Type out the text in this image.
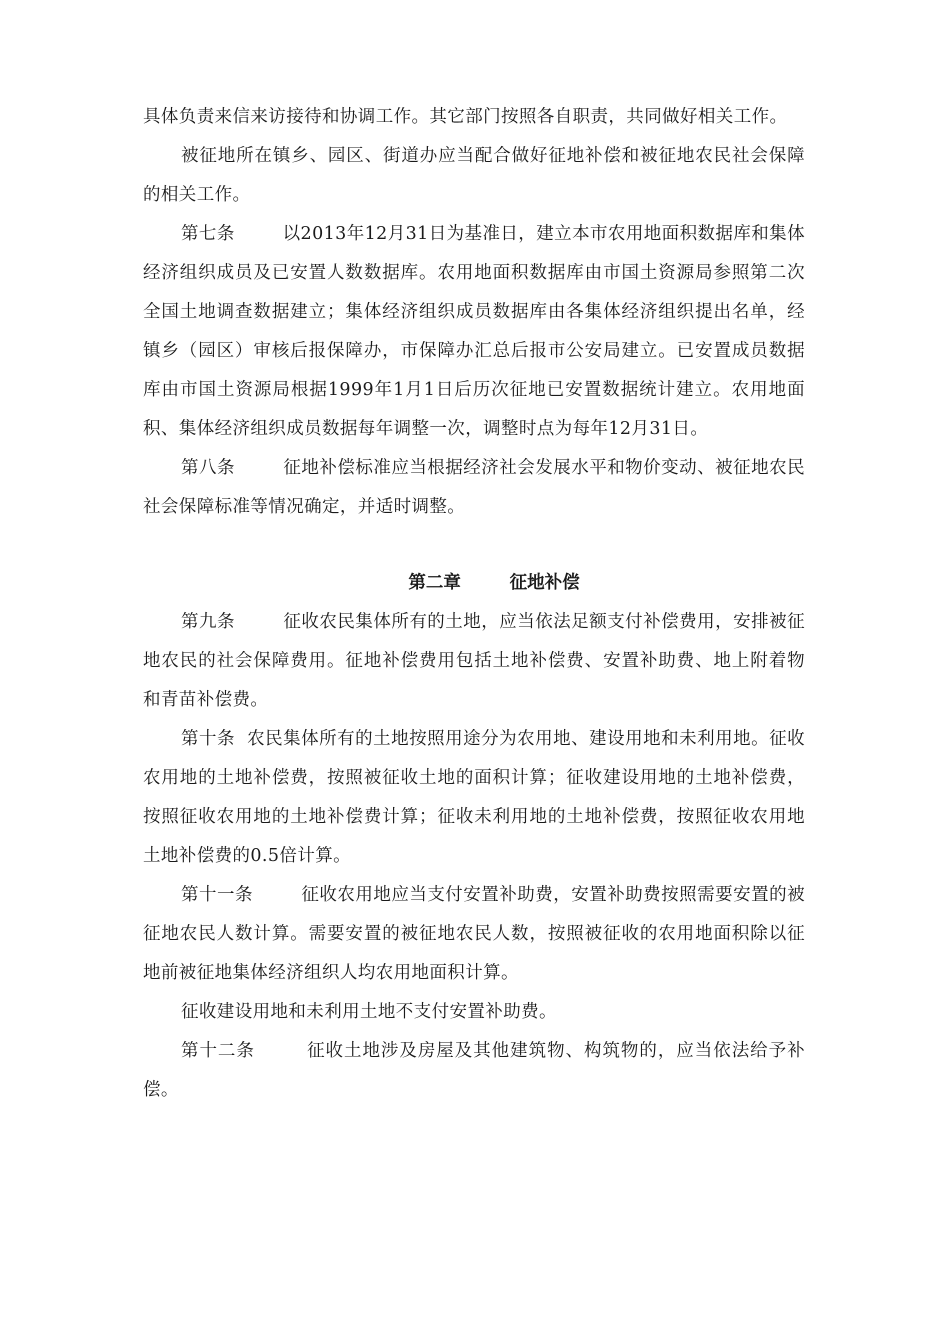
具体负责来信来访接待和协调工作。其它部门按照各自职责，共同做好相关工作。

被征地所在镇乡、园区、街道办应当配合做好征地补偿和被征地农民社会保障的相关工作。

第七条	以2013年12月31日为基准日，建立本市农用地面积数据库和集体经济组织成员及已安置人数数据库。农用地面积数据库由市国土资源局参照第二次全国土地调查数据建立；集体经济组织成员数据库由各集体经济组织提出名单，经镇乡（园区）审核后报保障办，市保障办汇总后报市公安局建立。已安置成员数据库由市国土资源局根据1999年1月1日后历次征地已安置数据统计建立。农用地面积、集体经济组织成员数据每年调整一次，调整时点为每年12月31日。

第八条	征地补偿标准应当根据经济社会发展水平和物价变动、被征地农民社会保障标准等情况确定，并适时调整。

第二章	征地补偿

第九条	征收农民集体所有的土地，应当依法足额支付补偿费用，安排被征地农民的社会保障费用。征地补偿费用包括土地补偿费、安置补助费、地上附着物和青苗补偿费。

第十条 农民集体所有的土地按照用途分为农用地、建设用地和未利用地。征收农用地的土地补偿费，按照被征收土地的面积计算；征收建设用地的土地补偿费，按照征收农用地的土地补偿费计算；征收未利用地的土地补偿费，按照征收农用地土地补偿费的0.5倍计算。

第十一条	征收农用地应当支付安置补助费，安置补助费按照需要安置的被征地农民人数计算。需要安置的被征地农民人数，按照被征收的农用地面积除以征地前被征地集体经济组织人均农用地面积计算。

征收建设用地和未利用土地不支付安置补助费。

第十二条	征收土地涉及房屋及其他建筑物、构筑物的，应当依法给予补偿。
